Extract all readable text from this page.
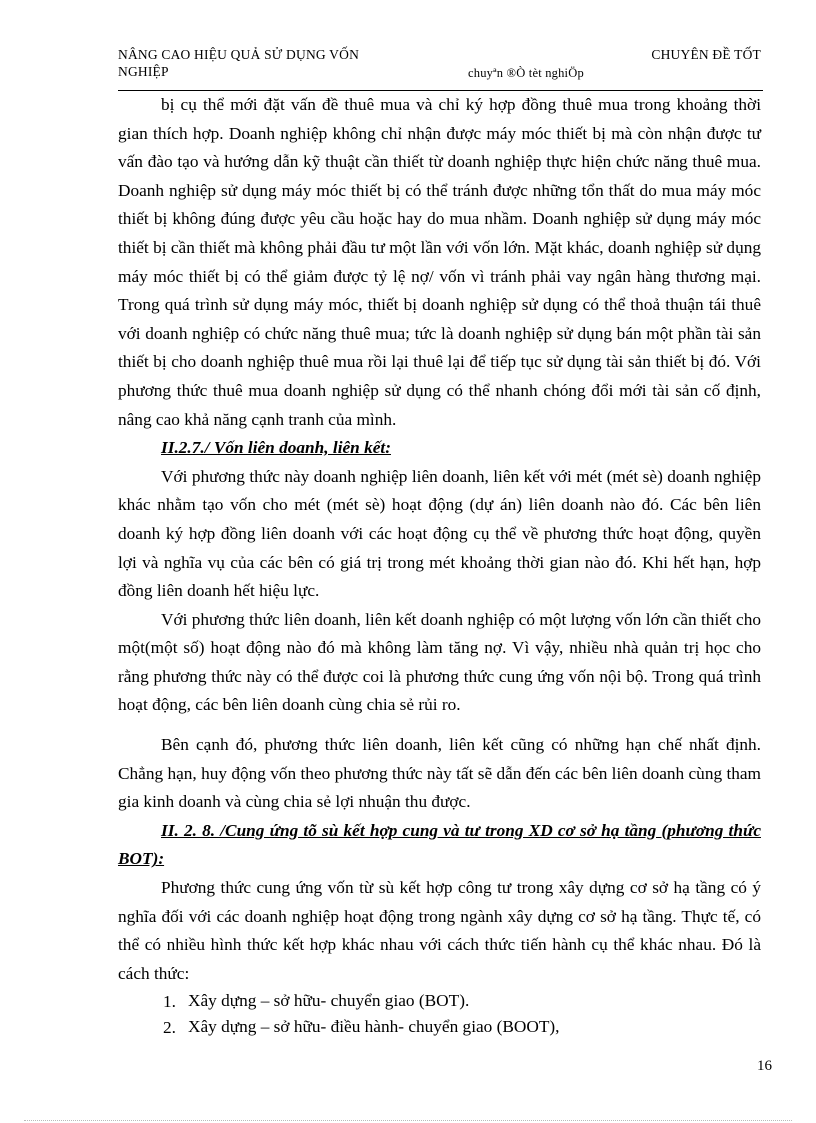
NÂNG CAO HIỆU QUẢ SỬ DỤNG VỐN
NGHIỆP
CHUYÊN ĐỀ TỐT
chuyªn ®Ò tèt nghiÖp

bị cụ thể mới đặt vấn đề thuê mua và chỉ ký hợp đồng thuê mua trong khoảng thời gian thích hợp. Doanh nghiệp không chỉ nhận được máy móc thiết bị mà còn nhận được tư vấn đào tạo và hướng dẫn kỹ thuật cần thiết từ doanh nghiệp thực hiện chức năng thuê mua. Doanh nghiệp sử dụng máy móc thiết bị có thể tránh được những tổn thất do mua máy móc thiết bị không đúng được yêu cầu hoặc hay do mua nhầm. Doanh nghiệp sử dụng máy móc thiết bị cần thiết mà không phải đầu tư một lần với vốn lớn. Mặt khác, doanh nghiệp sử dụng máy móc thiết bị có thể giảm được tỷ lệ nợ/ vốn vì tránh phải vay ngân hàng thương mại. Trong quá trình sử dụng máy móc, thiết bị doanh nghiệp sử dụng có thể thoả thuận tái thuê với doanh nghiệp có chức năng thuê mua; tức là doanh nghiệp sử dụng bán một phần tài sản thiết bị cho doanh nghiệp thuê mua rồi lại thuê lại để tiếp tục sử dụng tài sản thiết bị đó. Với phương thức thuê mua doanh nghiệp sử dụng có thể nhanh chóng đổi mới tài sản cố định, nâng cao khả năng cạnh tranh của mình.

II.2.7./ Vốn liên doanh, liên kết:

Với phương thức này doanh nghiệp liên doanh, liên kết với mét (mét sè) doanh nghiệp khác nhằm tạo vốn cho mét (mét sè) hoạt động (dự án) liên doanh nào đó. Các bên liên doanh ký hợp đồng liên doanh với các hoạt động cụ thể về phương thức hoạt động, quyền lợi và nghĩa vụ của các bên có giá trị trong mét khoảng thời gian nào đó. Khi hết hạn, hợp đồng liên doanh hết hiệu lực.

Với phương thức liên doanh, liên kết doanh nghiệp có một lượng vốn lớn cần thiết cho một(một số) hoạt động nào đó mà không làm tăng nợ. Vì vậy, nhiều nhà quản trị học cho rằng phương thức này có thể được coi là phương thức cung ứng vốn nội bộ. Trong quá trình hoạt động, các bên liên doanh cùng chia sẻ rủi ro.

Bên cạnh đó, phương thức liên doanh, liên kết cũng có những hạn chế nhất định. Chẳng hạn, huy động vốn theo phương thức này tất sẽ dẫn đến các bên liên doanh cùng tham gia kinh doanh và cùng chia sẻ lợi nhuận thu được.

II. 2. 8. /Cung ứng tõ sù kết hợp cung và tư trong XD cơ sở hạ tầng (phương thức BOT):

Phương thức cung ứng vốn từ sù kết hợp công tư trong xây dựng cơ sở hạ tầng có ý nghĩa đối với các doanh nghiệp hoạt động trong ngành xây dựng cơ sở hạ tầng. Thực tế, có thể có nhiều hình thức kết hợp khác nhau với cách thức tiến hành cụ thể khác nhau. Đó là cách thức:

1. Xây dựng – sở hữu- chuyển giao (BOT).
2. Xây dựng – sở hữu- điều hành- chuyển giao (BOOT),
16
